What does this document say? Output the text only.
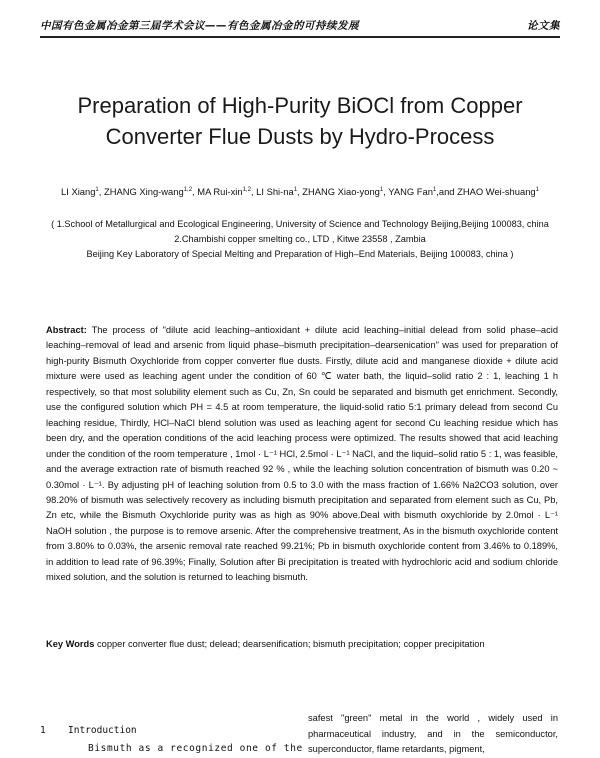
中国有色金属冶金第三届学术会议——有色金属冶金的可持续发展	论文集
Preparation of High-Purity BiOCl from Copper
Converter Flue Dusts by Hydro-Process
LI Xiang$^1$, ZHANG Xing-wang$^{1,2}$, MA Rui-xin$^{1,2}$, LI Shi-$na^1$, ZHANG Xiao-yong$^1$, YANG Fan$^1$,and ZHAO Wei-shuang$^1$
( 1.School of Metallurgical and Ecological Engineering, University of Science and Technology Beijing,Beijing 100083, china
2.Chambishi copper smelting co., LTD , Kitwe 23558 , Zambia
Beijing Key Laboratory of Special Melting and Preparation of High–End Materials, Beijing 100083, china )
Abstract: The process of "dilute acid leaching–antioxidant + dilute acid leaching–initial delead from solid phase–acid leaching–removal of lead and arsenic from liquid phase–bismuth precipitation–dearsenication" was used for preparation of high-purity Bismuth Oxychloride from copper converter flue dusts. Firstly, dilute acid and manganese dioxide + dilute acid mixture were used as leaching agent under the condition of 60 ℃ water bath, the liquid–solid ratio 2 : 1, leaching 1 h respectively, so that most solubility element such as Cu, Zn, Sn could be separated and bismuth get enrichment. Secondly, use the configured solution which PH = 4.5 at room temperature, the liquid-solid ratio 5:1 primary delead from second Cu leaching residue, Thirdly, HCl–NaCl blend solution was used as leaching agent for second Cu leaching residue which has been dry, and the operation conditions of the acid leaching process were optimized. The results showed that acid leaching under the condition of the room temperature , 1mol · L⁻¹ HCl, 2.5mol · L⁻¹ NaCl, and the liquid–solid ratio 5 : 1, was feasible, and the average extraction rate of bismuth reached 92 % , while the leaching solution concentration of bismuth was 0.20 ~ 0.30mol · L⁻¹. By adjusting pH of leaching solution from 0.5 to 3.0 with the mass fraction of 1.66% Na2CO3 solution, over 98.20% of bismuth was selectively recovery as including bismuth precipitation and separated from element such as Cu, Pb, Zn etc, while the Bismuth Oxychloride purity was as high as 90% above.Deal with bismuth oxychloride by 2.0mol · L⁻¹ NaOH solution , the purpose is to remove arsenic. After the comprehensive treatment, As in the bismuth oxychloride content from 3.80% to 0.03%, the arsenic removal rate reached 99.21%; Pb in bismuth oxychloride content from 3.46% to 0.189%, in addition to lead rate of 96.39%; Finally, Solution after Bi precipitation is treated with hydrochloric acid and sodium chloride mixed solution, and the solution is returned to leaching bismuth.
Key Words copper converter flue dust; delead; dearsenification; bismuth precipitation; copper precipitation
1 Introduction
Bismuth as a recognized one of the
safest "green" metal in the world , widely used in pharmaceutical industry, and in the semiconductor, superconductor, flame retardants, pigment,
